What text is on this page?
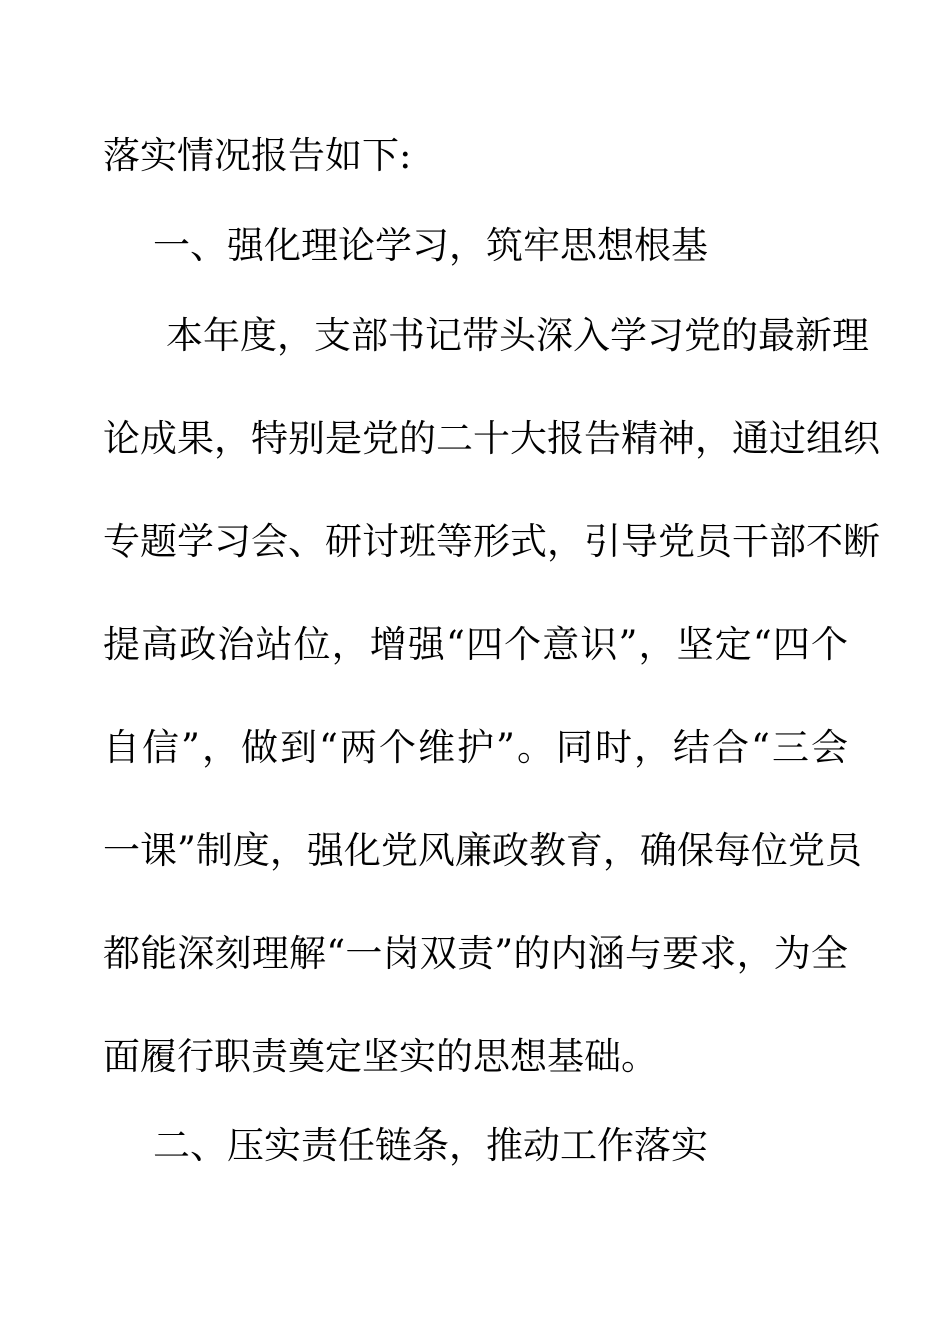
落实情况报告如下:
一、强化理论学习，筑牢思想根基
本年度，支部书记带头深入学习党的最新理
论成果，特别是党的二十大报告精神，通过组织
专题学习会、研讨班等形式，引导党员干部不断
提高政治站位，增强“四个意识”，坚定“四个
自信”，做到“两个维护”。同时，结合“三会
一课”制度，强化党风廉政教育，确保每位党员
都能深刻理解“一岗双责”的内涵与要求，为全
面履行职责奠定坚实的思想基础。
二、压实责任链条，推动工作落实
